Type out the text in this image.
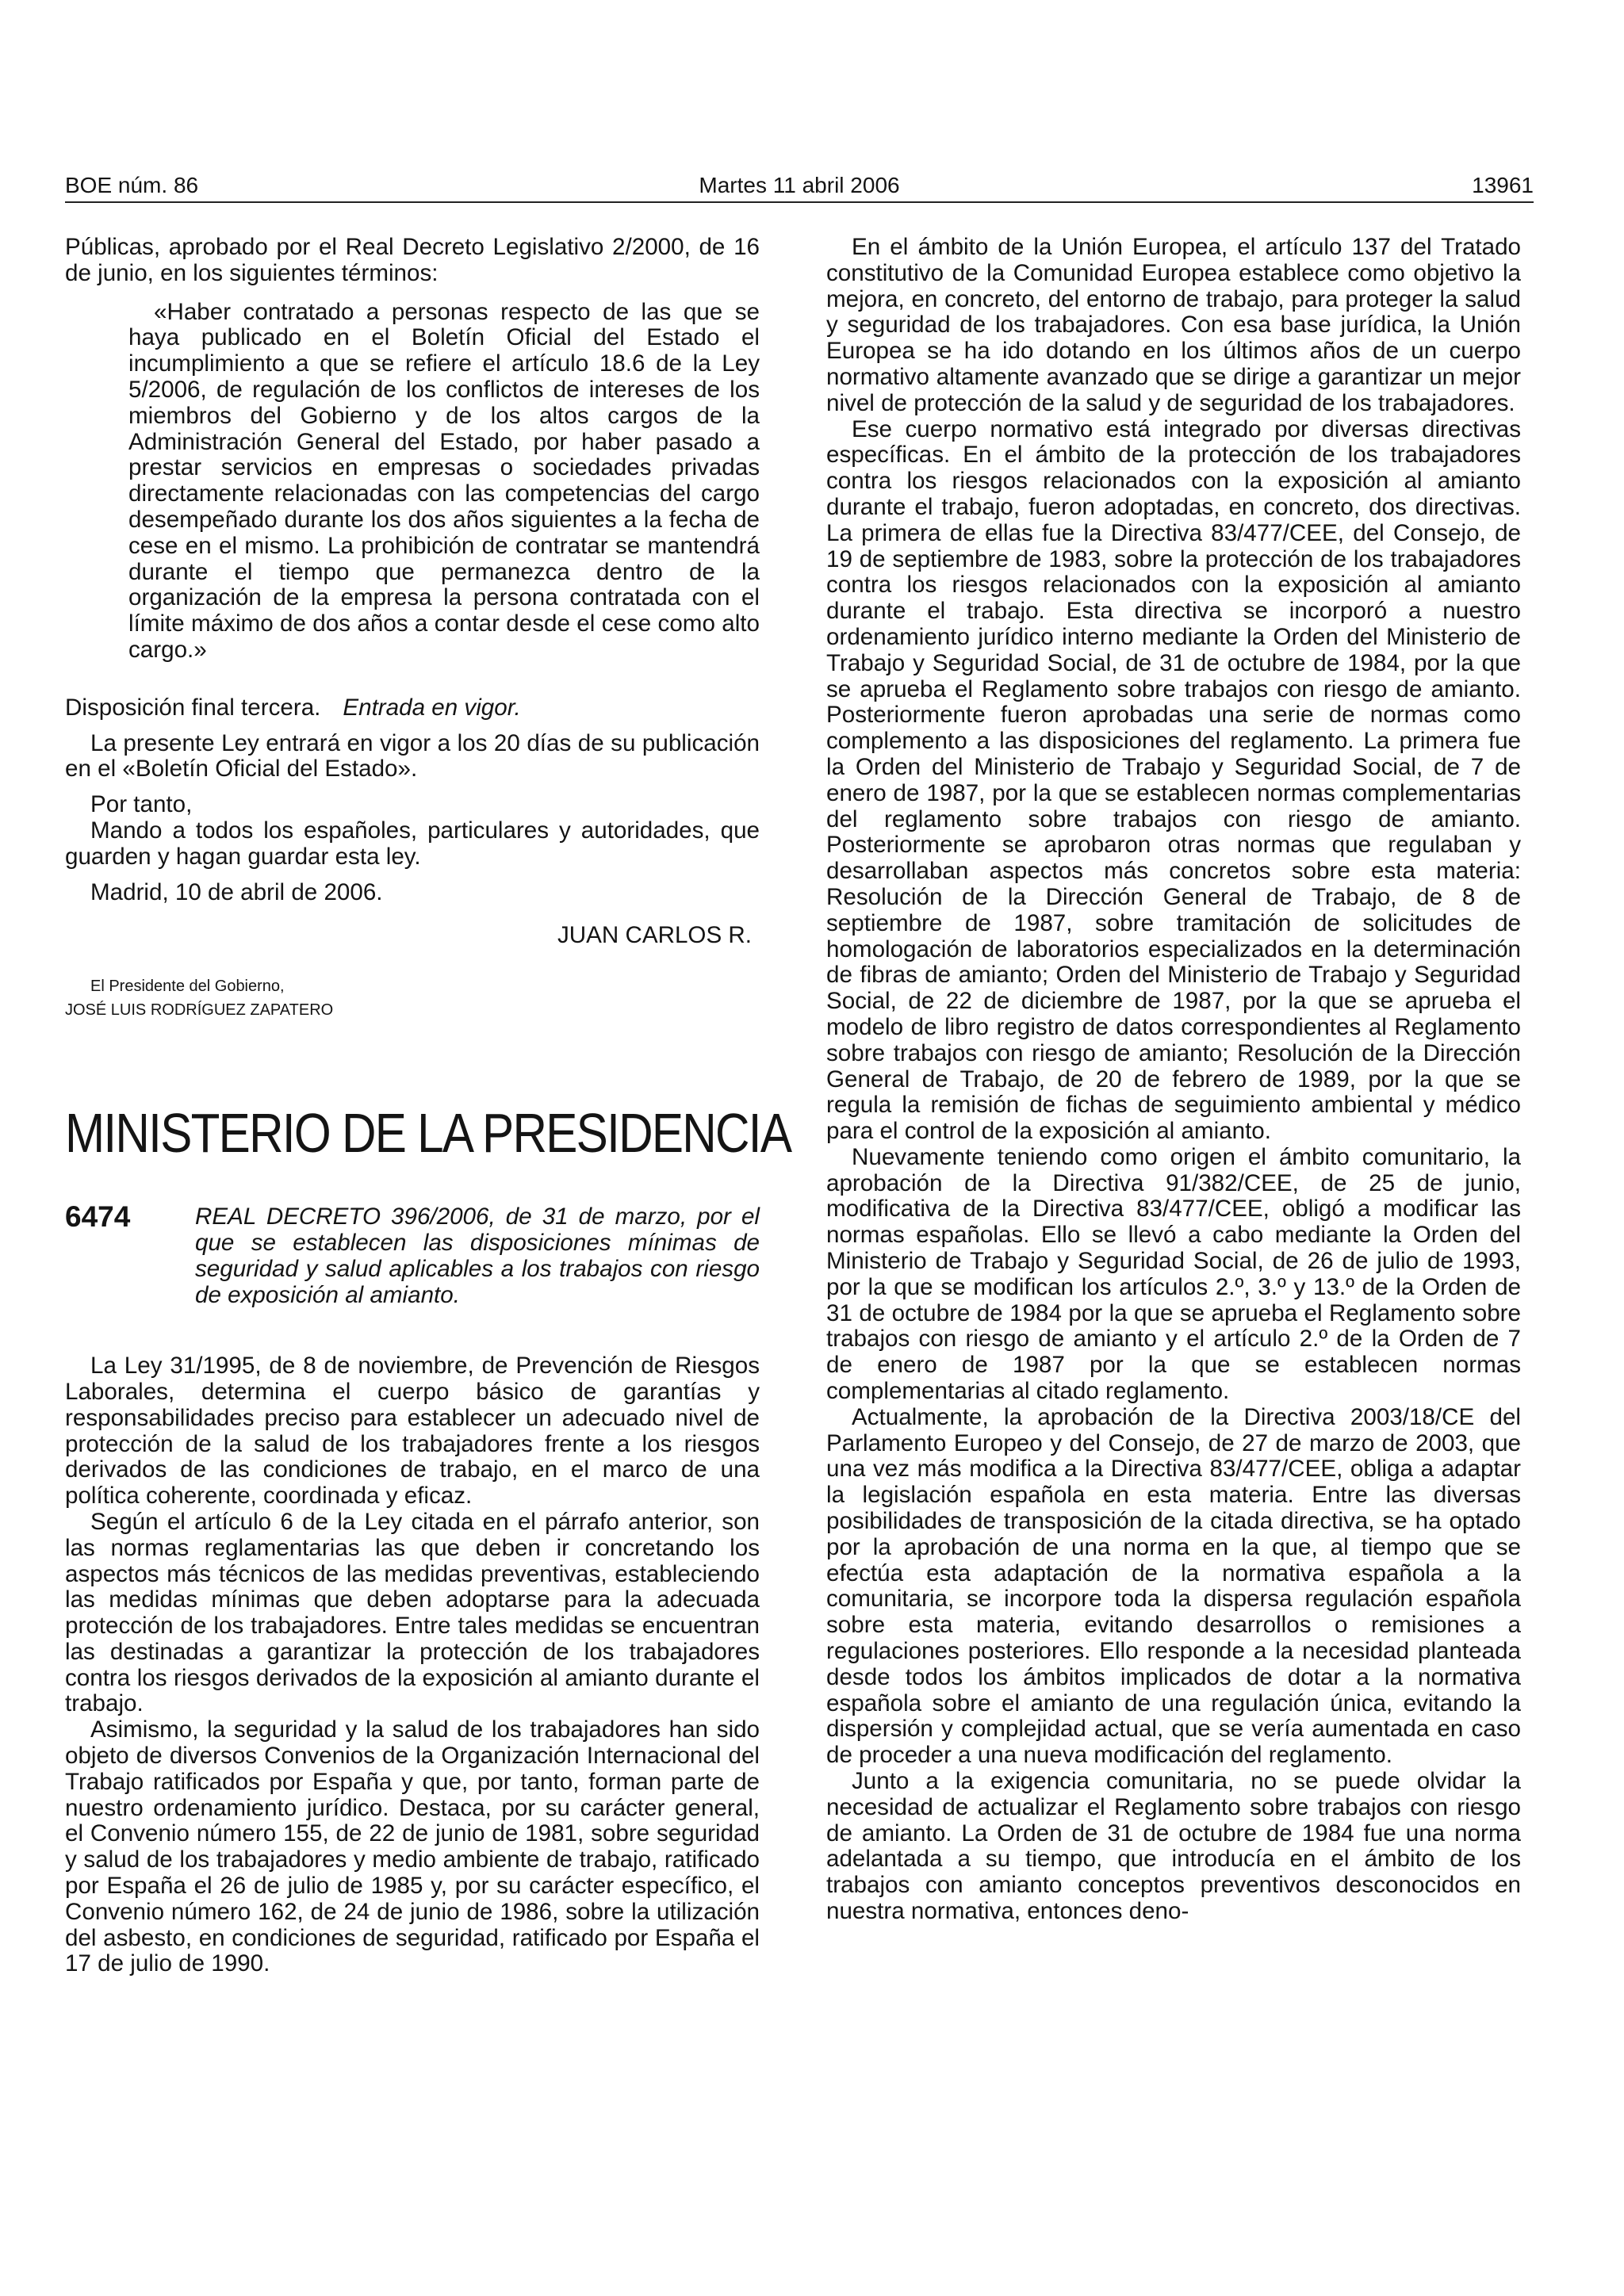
BOE núm. 86	Martes 11 abril 2006	13961

Públicas, aprobado por el Real Decreto Legislativo 2/2000, de 16 de junio, en los siguientes términos:

«Haber contratado a personas respecto de las que se haya publicado en el Boletín Oficial del Estado el incumplimiento a que se refiere el artículo 18.6 de la Ley 5/2006, de regulación de los conflictos de intereses de los miembros del Gobierno y de los altos cargos de la Administración General del Estado, por haber pasado a prestar servicios en empresas o sociedades privadas directamente relacionadas con las competencias del cargo desempeñado durante los dos años siguientes a la fecha de cese en el mismo. La prohibición de contratar se mantendrá durante el tiempo que permanezca dentro de la organización de la empresa la persona contratada con el límite máximo de dos años a contar desde el cese como alto cargo.»

Disposición final tercera. Entrada en vigor.

La presente Ley entrará en vigor a los 20 días de su publicación en el «Boletín Oficial del Estado».

Por tanto,

Mando a todos los españoles, particulares y autoridades, que guarden y hagan guardar esta ley.

Madrid, 10 de abril de 2006.

JUAN CARLOS R.

El Presidente del Gobierno,

JOSÉ LUIS RODRÍGUEZ ZAPATERO

MINISTERIO DE LA PRESIDENCIA
6474	REAL DECRETO 396/2006, de 31 de marzo, por el que se establecen las disposiciones mínimas de seguridad y salud aplicables a los trabajos con riesgo de exposición al amianto.

La Ley 31/1995, de 8 de noviembre, de Prevención de Riesgos Laborales, determina el cuerpo básico de garantías y responsabilidades preciso para establecer un adecuado nivel de protección de la salud de los trabajadores frente a los riesgos derivados de las condiciones de trabajo, en el marco de una política coherente, coordinada y eficaz.

Según el artículo 6 de la Ley citada en el párrafo anterior, son las normas reglamentarias las que deben ir concretando los aspectos más técnicos de las medidas preventivas, estableciendo las medidas mínimas que deben adoptarse para la adecuada protección de los trabajadores. Entre tales medidas se encuentran las destinadas a garantizar la protección de los trabajadores contra los riesgos derivados de la exposición al amianto durante el trabajo.

Asimismo, la seguridad y la salud de los trabajadores han sido objeto de diversos Convenios de la Organización Internacional del Trabajo ratificados por España y que, por tanto, forman parte de nuestro ordenamiento jurídico. Destaca, por su carácter general, el Convenio número 155, de 22 de junio de 1981, sobre seguridad y salud de los trabajadores y medio ambiente de trabajo, ratificado por España el 26 de julio de 1985 y, por su carácter específico, el Convenio número 162, de 24 de junio de 1986, sobre la utilización del asbesto, en condiciones de seguridad, ratificado por España el 17 de julio de 1990.

En el ámbito de la Unión Europea, el artículo 137 del Tratado constitutivo de la Comunidad Europea establece como objetivo la mejora, en concreto, del entorno de trabajo, para proteger la salud y seguridad de los trabajadores. Con esa base jurídica, la Unión Europea se ha ido dotando en los últimos años de un cuerpo normativo altamente avanzado que se dirige a garantizar un mejor nivel de protección de la salud y de seguridad de los trabajadores.

Ese cuerpo normativo está integrado por diversas directivas específicas. En el ámbito de la protección de los trabajadores contra los riesgos relacionados con la exposición al amianto durante el trabajo, fueron adoptadas, en concreto, dos directivas. La primera de ellas fue la Directiva 83/477/CEE, del Consejo, de 19 de septiembre de 1983, sobre la protección de los trabajadores contra los riesgos relacionados con la exposición al amianto durante el trabajo. Esta directiva se incorporó a nuestro ordenamiento jurídico interno mediante la Orden del Ministerio de Trabajo y Seguridad Social, de 31 de octubre de 1984, por la que se aprueba el Reglamento sobre trabajos con riesgo de amianto. Posteriormente fueron aprobadas una serie de normas como complemento a las disposiciones del reglamento. La primera fue la Orden del Ministerio de Trabajo y Seguridad Social, de 7 de enero de 1987, por la que se establecen normas complementarias del reglamento sobre trabajos con riesgo de amianto. Posteriormente se aprobaron otras normas que regulaban y desarrollaban aspectos más concretos sobre esta materia: Resolución de la Dirección General de Trabajo, de 8 de septiembre de 1987, sobre tramitación de solicitudes de homologación de laboratorios especializados en la determinación de fibras de amianto; Orden del Ministerio de Trabajo y Seguridad Social, de 22 de diciembre de 1987, por la que se aprueba el modelo de libro registro de datos correspondientes al Reglamento sobre trabajos con riesgo de amianto; Resolución de la Dirección General de Trabajo, de 20 de febrero de 1989, por la que se regula la remisión de fichas de seguimiento ambiental y médico para el control de la exposición al amianto.

Nuevamente teniendo como origen el ámbito comunitario, la aprobación de la Directiva 91/382/CEE, de 25 de junio, modificativa de la Directiva 83/477/CEE, obligó a modificar las normas españolas. Ello se llevó a cabo mediante la Orden del Ministerio de Trabajo y Seguridad Social, de 26 de julio de 1993, por la que se modifican los artículos 2.º, 3.º y 13.º de la Orden de 31 de octubre de 1984 por la que se aprueba el Reglamento sobre trabajos con riesgo de amianto y el artículo 2.º de la Orden de 7 de enero de 1987 por la que se establecen normas complementarias al citado reglamento.

Actualmente, la aprobación de la Directiva 2003/18/CE del Parlamento Europeo y del Consejo, de 27 de marzo de 2003, que una vez más modifica a la Directiva 83/477/CEE, obliga a adaptar la legislación española en esta materia. Entre las diversas posibilidades de transposición de la citada directiva, se ha optado por la aprobación de una norma en la que, al tiempo que se efectúa esta adaptación de la normativa española a la comunitaria, se incorpore toda la dispersa regulación española sobre esta materia, evitando desarrollos o remisiones a regulaciones posteriores. Ello responde a la necesidad planteada desde todos los ámbitos implicados de dotar a la normativa española sobre el amianto de una regulación única, evitando la dispersión y complejidad actual, que se vería aumentada en caso de proceder a una nueva modificación del reglamento.

Junto a la exigencia comunitaria, no se puede olvidar la necesidad de actualizar el Reglamento sobre trabajos con riesgo de amianto. La Orden de 31 de octubre de 1984 fue una norma adelantada a su tiempo, que introducía en el ámbito de los trabajos con amianto conceptos preventivos desconocidos en nuestra normativa, entonces deno-
